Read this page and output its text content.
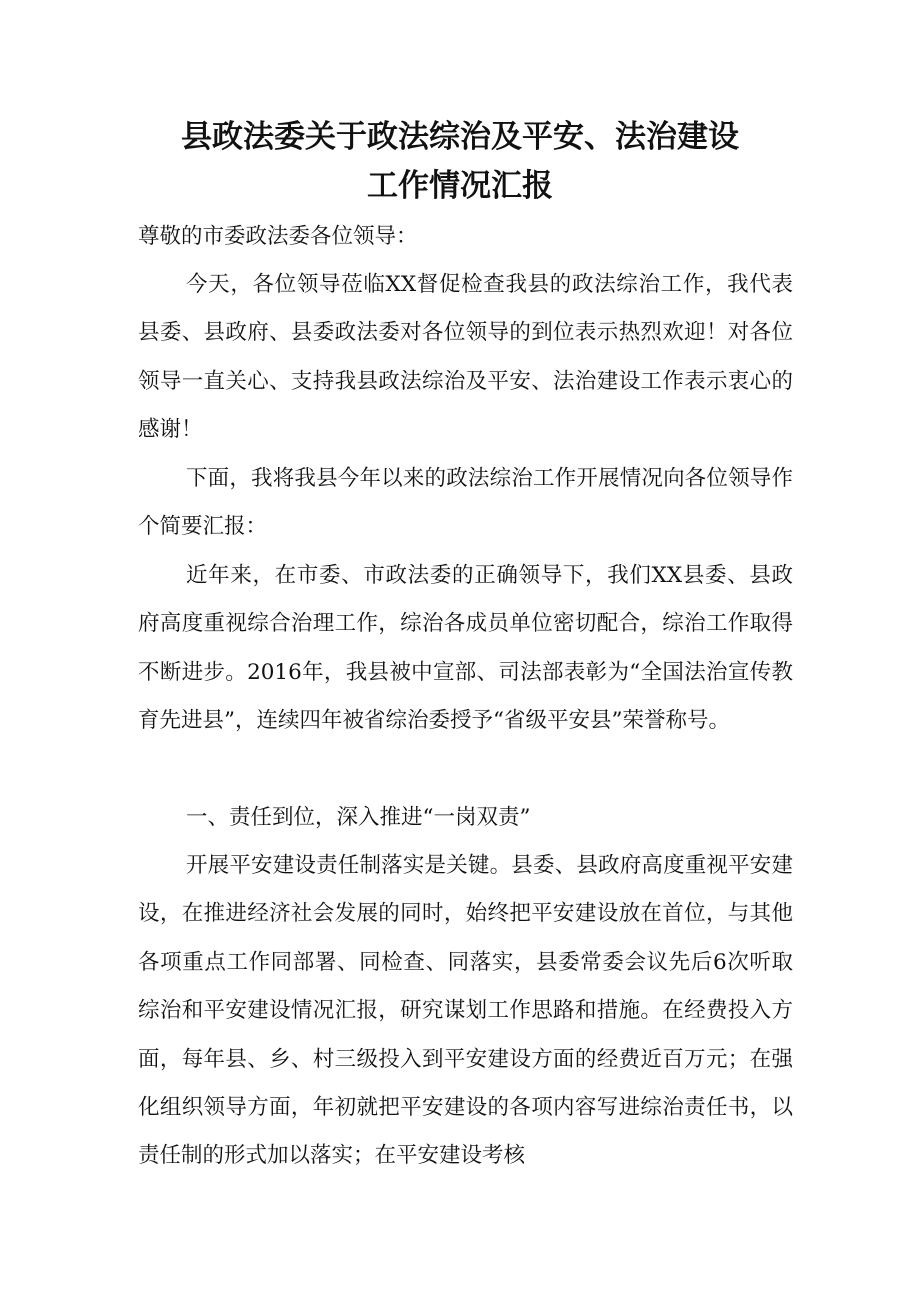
县政法委关于政法综治及平安、法治建设
工作情况汇报

尊敬的市委政法委各位领导：

今天，各位领导莅临XX督促检查我县的政法综治工作，我代表县委、县政府、县委政法委对各位领导的到位表示热烈欢迎！对各位领导一直关心、支持我县政法综治及平安、法治建设工作表示衷心的感谢！

下面，我将我县今年以来的政法综治工作开展情况向各位领导作个简要汇报：

近年来，在市委、市政法委的正确领导下，我们XX县委、县政府高度重视综合治理工作，综治各成员单位密切配合，综治工作取得不断进步。2016年，我县被中宣部、司法部表彰为“全国法治宣传教育先进县”，连续四年被省综治委授予“省级平安县”荣誉称号。

一、责任到位，深入推进“一岗双责”

开展平安建设责任制落实是关键。县委、县政府高度重视平安建设，在推进经济社会发展的同时，始终把平安建设放在首位，与其他各项重点工作同部署、同检查、同落实，县委常委会议先后6次听取综治和平安建设情况汇报，研究谋划工作思路和措施。在经费投入方面，每年县、乡、村三级投入到平安建设方面的经费近百万元；在强化组织领导方面，年初就把平安建设的各项内容写进综治责任书，以责任制的形式加以落实；在平安建设考核
